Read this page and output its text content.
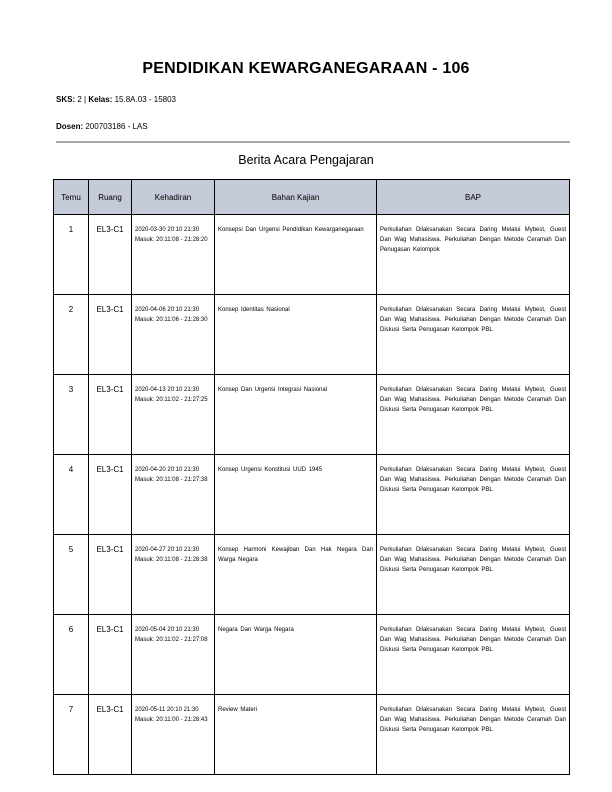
PENDIDIKAN KEWARGANEGARAAN - 106
SKS: 2 | Kelas: 15.8A.03 - 15803
Dosen: 200703186 - LAS
Berita Acara Pengajaran
Temu	Ruang	Kehadiran	Bahan Kajian	BAP
1	EL3-C1	2020-03-30 20:10 21:30
Masuk: 20:11:08 - 21:28:20	Konsepsi Dan Urgensi Pendidikan Kewarganegaraan	Perkuliahan Dilaksanakan Secara Daring Melalui Mybest, Guest Dan Wag Mahasiswa. Perkuliahan Dengan Metode Ceramah Dan Penugasan Kelompok
2	EL3-C1	2020-04-06 20:10 21:30
Masuk: 20:11:06 - 21:28:30	Konsep Identitas Nasional	Perkuliahan Dilaksanakan Secara Daring Melalui Mybest, Guest Dan Wag Mahasiswa. Perkuliahan Dengan Metode Ceramah Dan Diskusi Serta Penugasan Kelompok PBL
3	EL3-C1	2020-04-13 20:10 21:30
Masuk: 20:11:02 - 21:27:25	Konsep Dan Urgensi Integrasi Nasional	Perkuliahan Dilaksanakan Secara Daring Melalui Mybest, Guest Dan Wag Mahasiswa. Perkuliahan Dengan Metode Ceramah Dan Diskusi Serta Penugasan Kelompok PBL
4	EL3-C1	2020-04-20 20:10 21:30
Masuk: 20:11:08 - 21:27:38	Konsep Urgensi Konstitusi UUD 1945	Perkuliahan Dilaksanakan Secara Daring Melalui Mybest, Guest Dan Wag Mahasiswa. Perkuliahan Dengan Metode Ceramah Dan Diskusi Serta Penugasan Kelompok PBL
5	EL3-C1	2020-04-27 20:10 21:30
Masuk: 20:11:08 - 21:28:38	Konsep Harmoni Kewajiban Dan Hak Negara Dan Warga Negara	Perkuliahan Dilaksanakan Secara Daring Melalui Mybest, Guest Dan Wag Mahasiswa. Perkuliahan Dengan Metode Ceramah Dan Diskusi Serta Penugasan Kelompok PBL
6	EL3-C1	2020-05-04 20:10 21:30
Masuk: 20:11:02 - 21:27:08	Negara Dan Warga Negara	Perkuliahan Dilaksanakan Secara Daring Melalui Mybest, Guest Dan Wag Mahasiswa. Perkuliahan Dengan Metode Ceramah Dan Diskusi Serta Penugasan Kelompok PBL
7	EL3-C1	2020-05-11 20:10 21:30
Masuk: 20:11:00 - 21:28:43	Review Materi	Perkuliahan Dilaksanakan Secara Daring Melalui Mybest, Guest Dan Wag Mahasiswa. Perkuliahan Dengan Metode Ceramah Dan Diskusi Serta Penugasan Kelompok PBL
